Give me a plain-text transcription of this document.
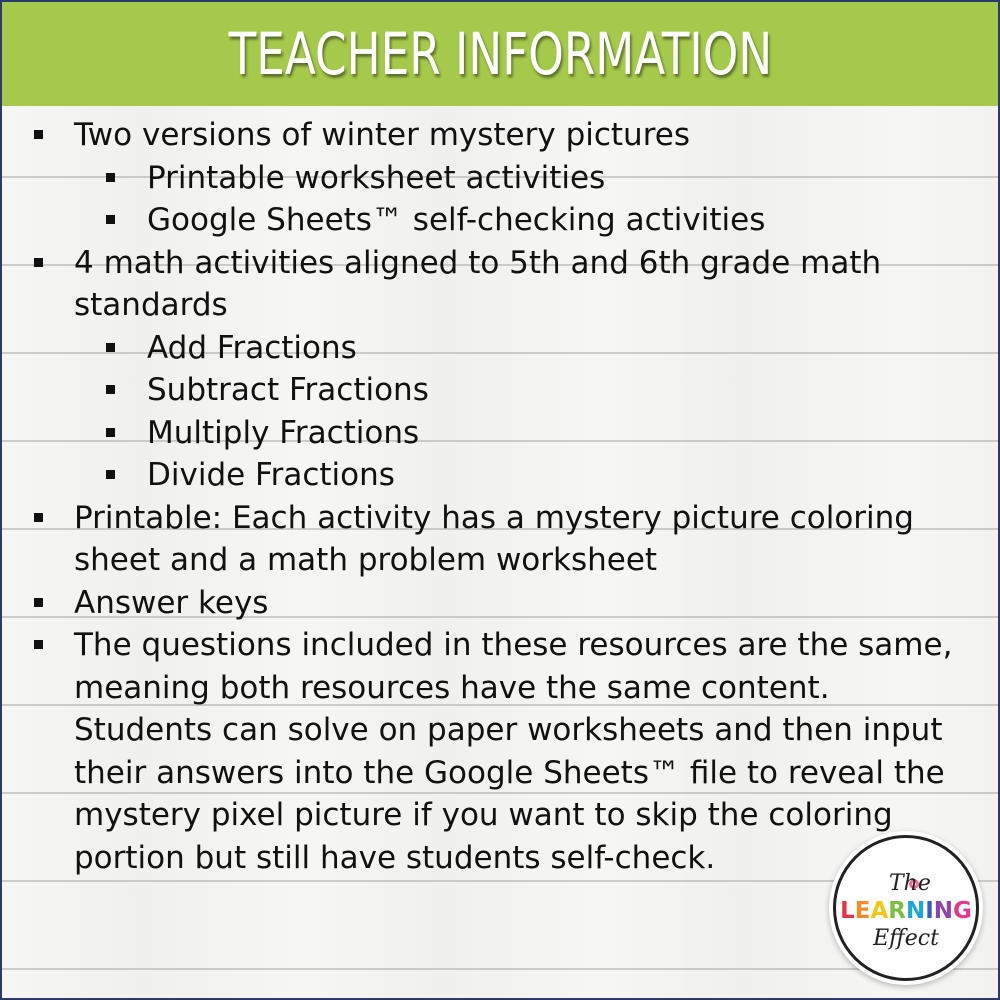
TEACHER INFORMATION
Two versions of winter mystery pictures
Printable worksheet activities
Google Sheets™ self-checking activities
4 math activities aligned to 5th and 6th grade math standards
Add Fractions
Subtract Fractions
Multiply Fractions
Divide Fractions
Printable: Each activity has a mystery picture coloring sheet and a math problem worksheet
Answer keys
The questions included in these resources are the same, meaning both resources have the same content. Students can solve on paper worksheets and then input their answers into the Google Sheets™ file to reveal the mystery pixel picture if you want to skip the coloring portion but still have students self-check.
The
LEARNING
Effect
